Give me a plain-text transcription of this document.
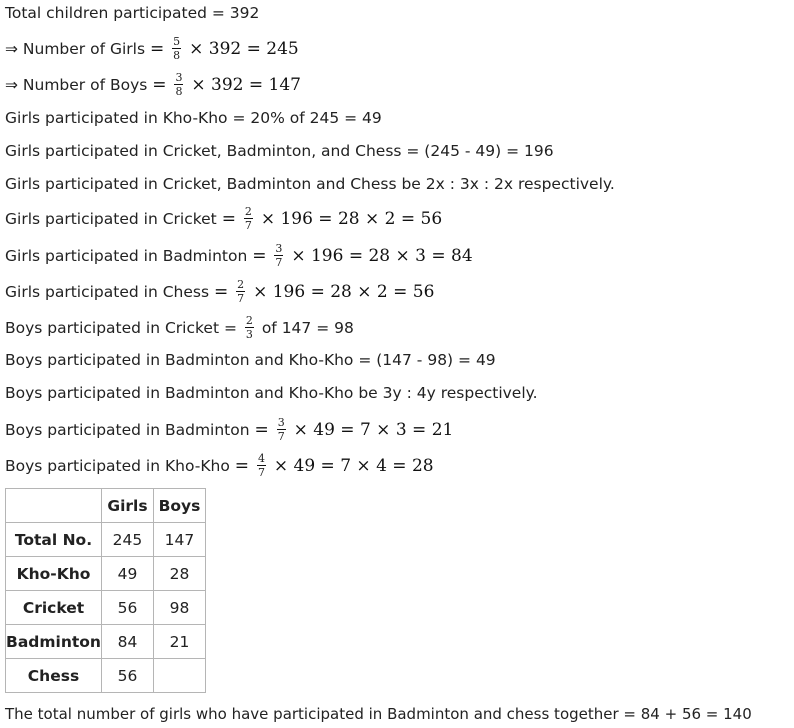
Total children participated = 392
⇒ Number of Girls = $\frac{5}{8} \times 392 = 245$
⇒ Number of Boys = $\frac{3}{8} \times 392 = 147$
Girls participated in Kho-Kho = 20% of 245 = 49
Girls participated in Cricket, Badminton, and Chess = (245 - 49) = 196
Girls participated in Cricket, Badminton and Chess be 2x : 3x : 2x respectively.
Girls participated in Cricket = $\frac{2}{7} \times 196 = 28 \times 2 = 56$
Girls participated in Badminton = $\frac{3}{7} \times 196 = 28 \times 3 = 84$
Girls participated in Chess = $\frac{2}{7} \times 196 = 28 \times 2 = 56$
Boys participated in Cricket = $\frac{2}{3}$ of 147 = 98
Boys participated in Badminton and Kho-Kho = (147 - 98) = 49
Boys participated in Badminton and Kho-Kho be 3y : 4y respectively.
Boys participated in Badminton = $\frac{3}{7} \times 49 = 7 \times 3 = 21$
Boys participated in $Kho-Kho = \frac{4}{7} \times 49 = 7 \times 4 = 28$
	Girls	Boys
Total No.	245	147
Kho-Kho	49	28
Cricket	56	98
Badminton	84	21
Chess	56	
The total number of girls who have participated in Badminton and chess together = 84 + 56 = 140
